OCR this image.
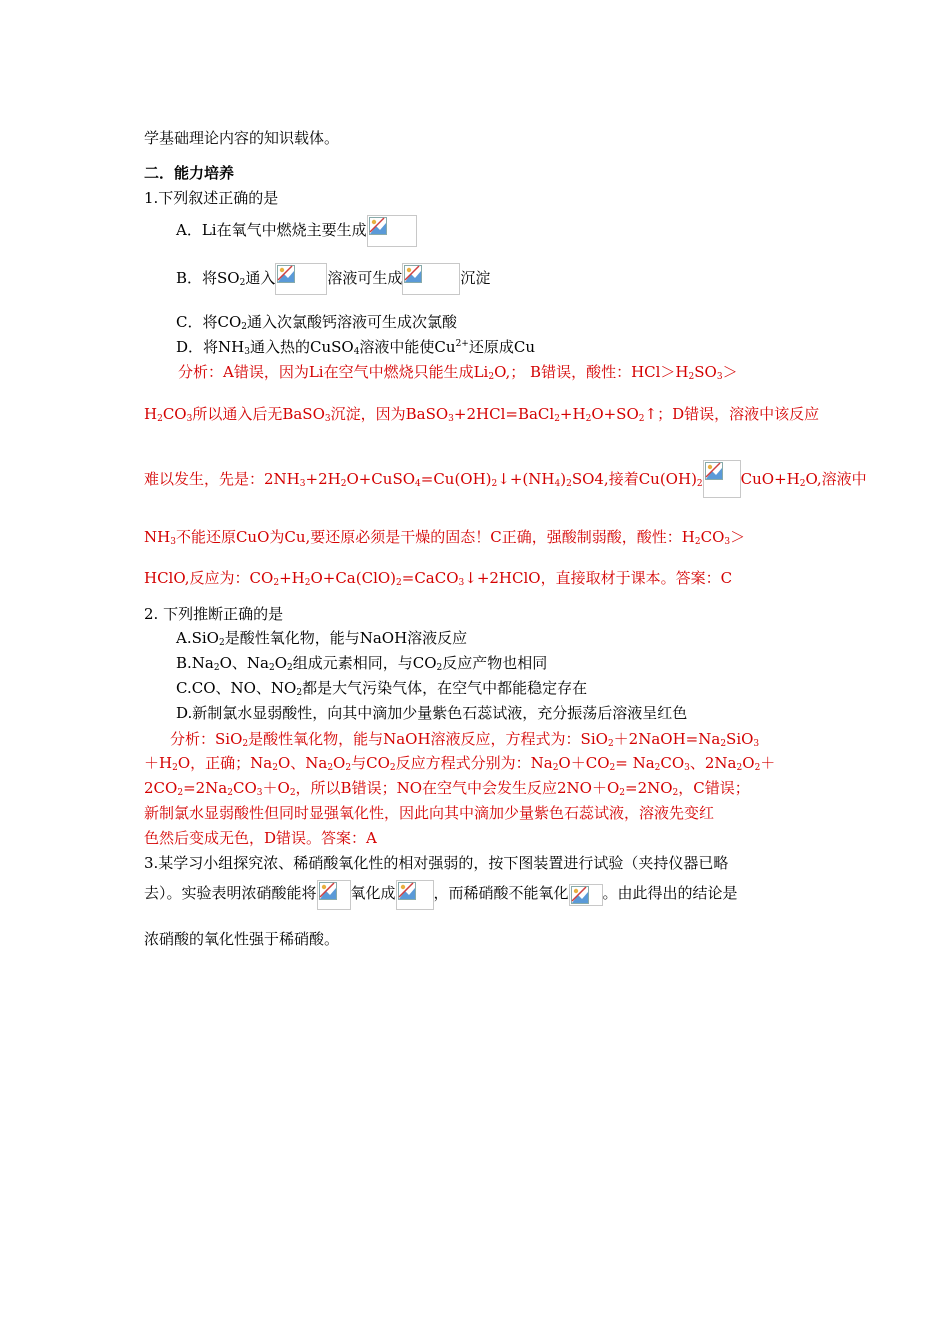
学基础理论内容的知识载体。
二．能力培养
1.下列叙述正确的是
A．Li在氧气中燃烧主要生成
B．将$SO_2$通入	溶液可生成	沉淀
C．将$CO_2$通入次氯酸钙溶液可生成次氯酸
D．将$NH_3$通入热的CuSO$_4$溶液中能使$Cu^{2+}$还原成Cu
分析：A错误，因为Li在空气中燃烧只能生成$Li_2O$,； B错误，酸性：$HCl>H_2SO_3>$
$H_2CO_3$所以通入后无BaSO$_3$沉淀，因为$BaSO_3+2HCl=BaCl_2+H_2O+SO_2↑$；D错误，溶液中该反应
难以发生，先是：$2NH_3+2H_2O+CuSO_4=Cu(OH)_2↓+(NH_4)_2SO4$,接着$Cu(OH)_2$	$CuO+H_2O$,溶液中
$NH_3$不能还原CuO为Cu,要还原必须是干燥的固态！C正确，强酸制弱酸，酸性：$H_2CO_3>$
HClO,反应为：$CO_2+H_2O+Ca(ClO)_2=CaCO_3↓+2HClO$，直接取材于课本。答案：C
2. 下列推断正确的是
A.SiO$_2$是酸性氧化物，能与NaOH溶液反应
$B.Na_2O$、$Na_2O_2$组成元素相同，与$CO_2$反应产物也相同
C.CO、NO、$NO_2$都是大气污染气体，在空气中都能稳定存在
D.新制氯水显弱酸性，向其中滴加少量紫色石蕊试液，充分振荡后溶液呈红色
分析：SiO$_2$是酸性氧化物，能与NaOH溶液反应，方程式为：$SiO_2+2NaOH=Na_2SiO_3$
$+H_2O$，正确；$Na_2O$、$Na_2O_2$与$CO_2$反应方程式分别为：$Na_2O+CO_2= Na_2CO_3$、$2Na_2O_2+$
$2CO_2=2Na_2CO_3+O_2$，所以B错误；NO在空气中会发生反应$2NO+O_2=2NO_2$，C错误；
新制氯水显弱酸性但同时显强氧化性，因此向其中滴加少量紫色石蕊试液，溶液先变红
色然后变成无色，D错误。答案：A
3.某学习小组探究浓、稀硝酸氧化性的相对强弱的，按下图装置进行试验（夹持仪器已略
去）。实验表明浓硝酸能将 氧化成	，而稀硝酸不能氧化 。由此得出的结论是
浓硝酸的氧化性强于稀硝酸。
